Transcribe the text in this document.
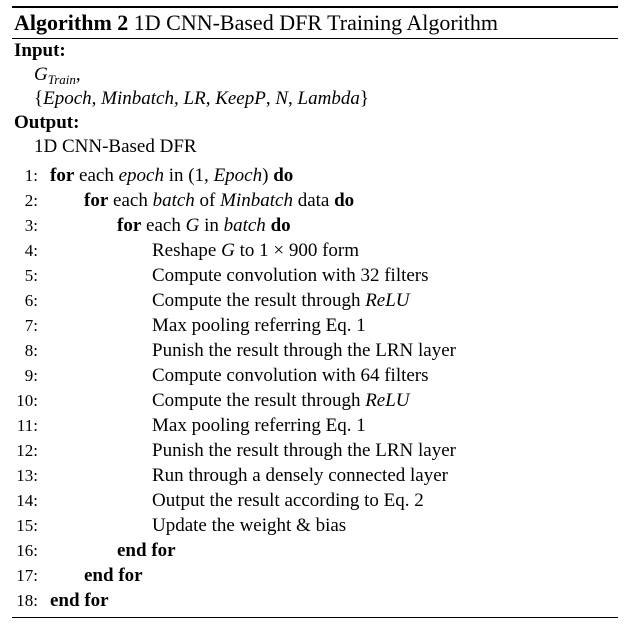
Algorithm 2 1D CNN-Based DFR Training Algorithm
Input:
$G_{Train}$,
{Epoch, Minbatch, LR, KeepP, N, Lambda}
Output:
1D CNN-Based DFR
1: for each epoch in (1, Epoch) do
2: for each batch of Minbatch data do
3:	for each G in batch do
4:	Reshape G to 1 × 900 form
5:	Compute convolution with 32 filters
6:	Compute the result through ReLU
7:	Max pooling referring Eq. 1
8:	Punish the result through the LRN layer
9:	Compute convolution with 64 filters
10:	Compute the result through ReLU
11:	Max pooling referring Eq. 1
12:	Punish the result through the LRN layer
13:	Run through a densely connected layer
14:	Output the result according to Eq. 2
15:	Update the weight & bias
16:	end for
17: end for
18: end for
